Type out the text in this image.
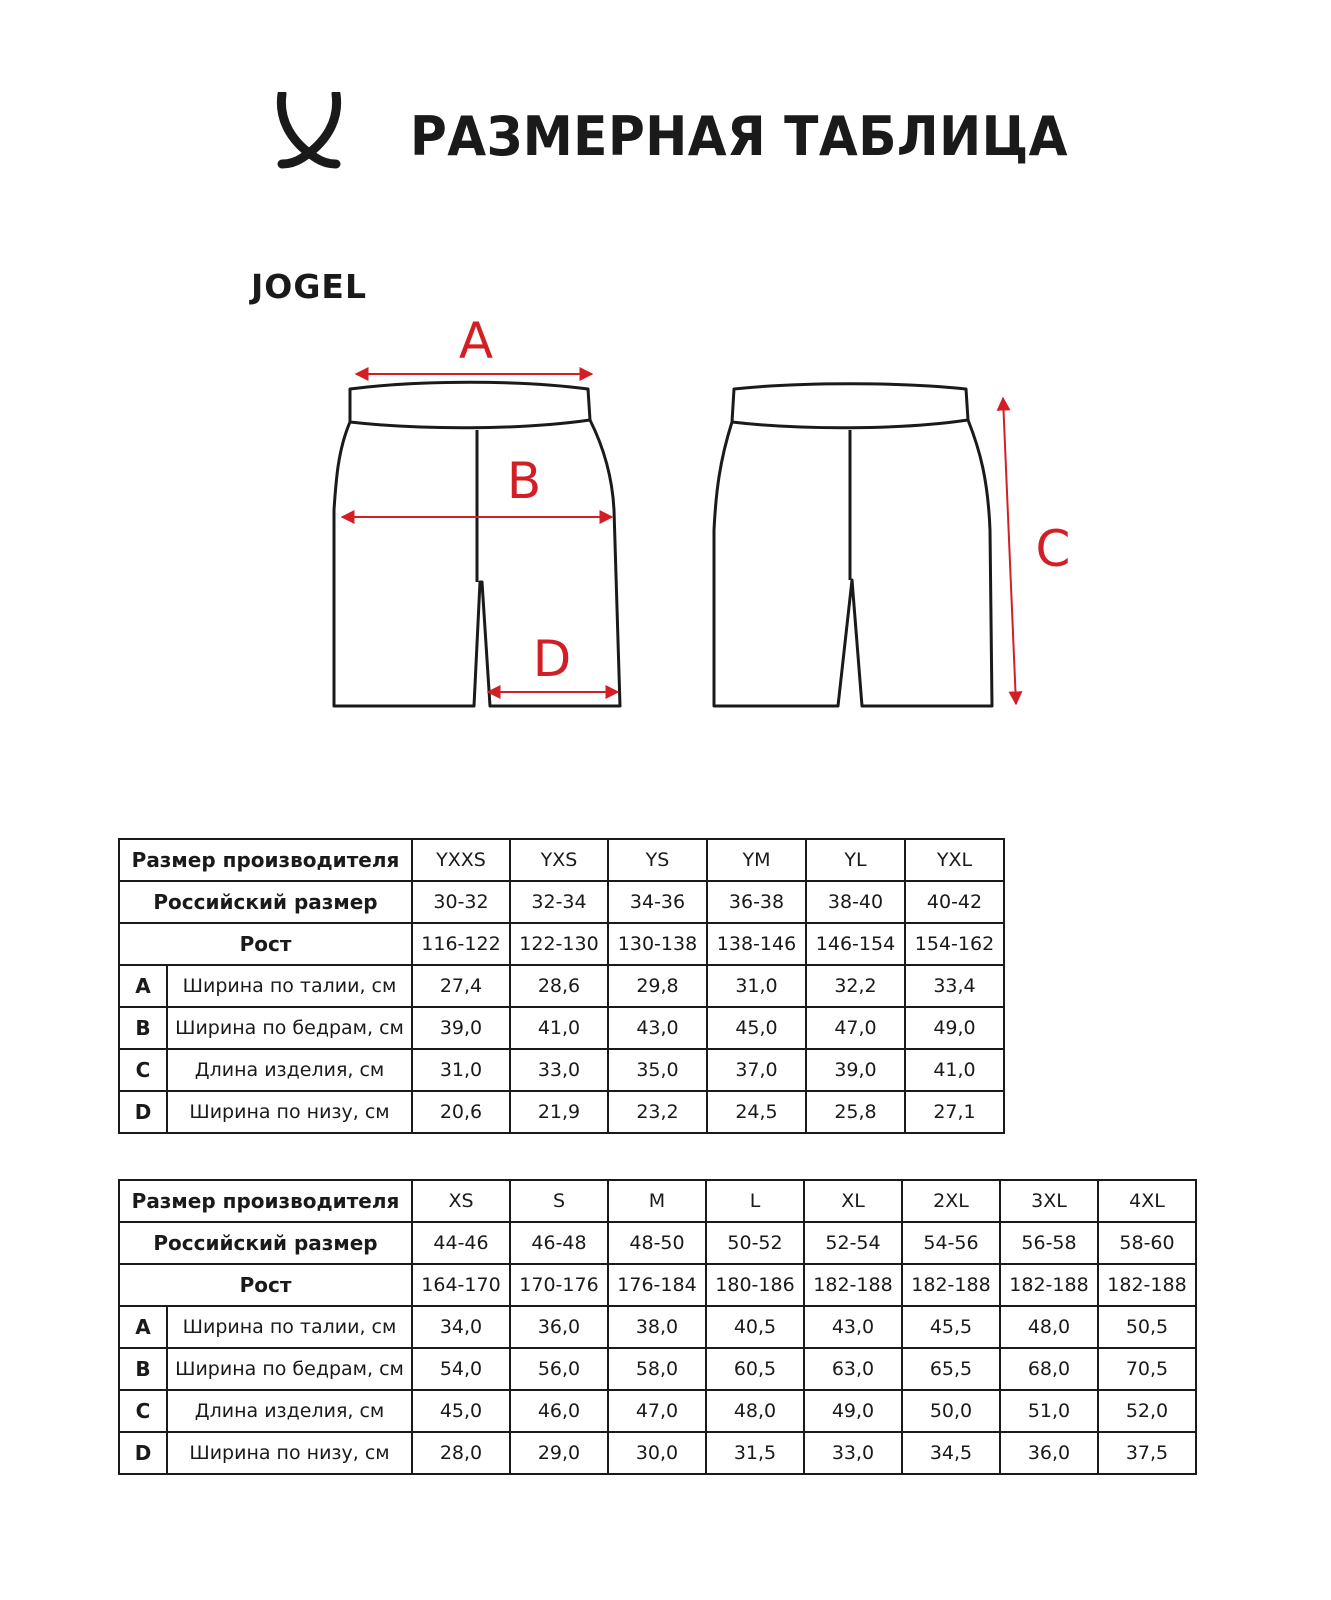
JOGEL
РАЗМЕРНАЯ ТАБЛИЦА
A
B
C
D
Размер производителя		YXXS	YXS	YS	YM	YL	YXL
Российский размер		30-32	32-34	34-36	36-38	38-40	40-42
Рост		116-122	122-130	130-138	138-146	146-154	154-162
A	Ширина по талии, см	27,4	28,6	29,8	31,0	32,2	33,4
B	Ширина по бедрам, см	39,0	41,0	43,0	45,0	47,0	49,0
C	Длина изделия, см	31,0	33,0	35,0	37,0	39,0	41,0
D	Ширина по низу, см	20,6	21,9	23,2	24,5	25,8	27,1
Размер производителя		XS	S	M	L	XL	2XL	3XL	4XL
Российский размер		44-46	46-48	48-50	50-52	52-54	54-56	56-58	58-60
Рост		164-170	170-176	176-184	180-186	182-188	182-188	182-188	182-188
A	Ширина по талии, см	34,0	36,0	38,0	40,5	43,0	45,5	48,0	50,5
B	Ширина по бедрам, см	54,0	56,0	58,0	60,5	63,0	65,5	68,0	70,5
C	Длина изделия, см	45,0	46,0	47,0	48,0	49,0	50,0	51,0	52,0
D	Ширина по низу, см	28,0	29,0	30,0	31,5	33,0	34,5	36,0	37,5
